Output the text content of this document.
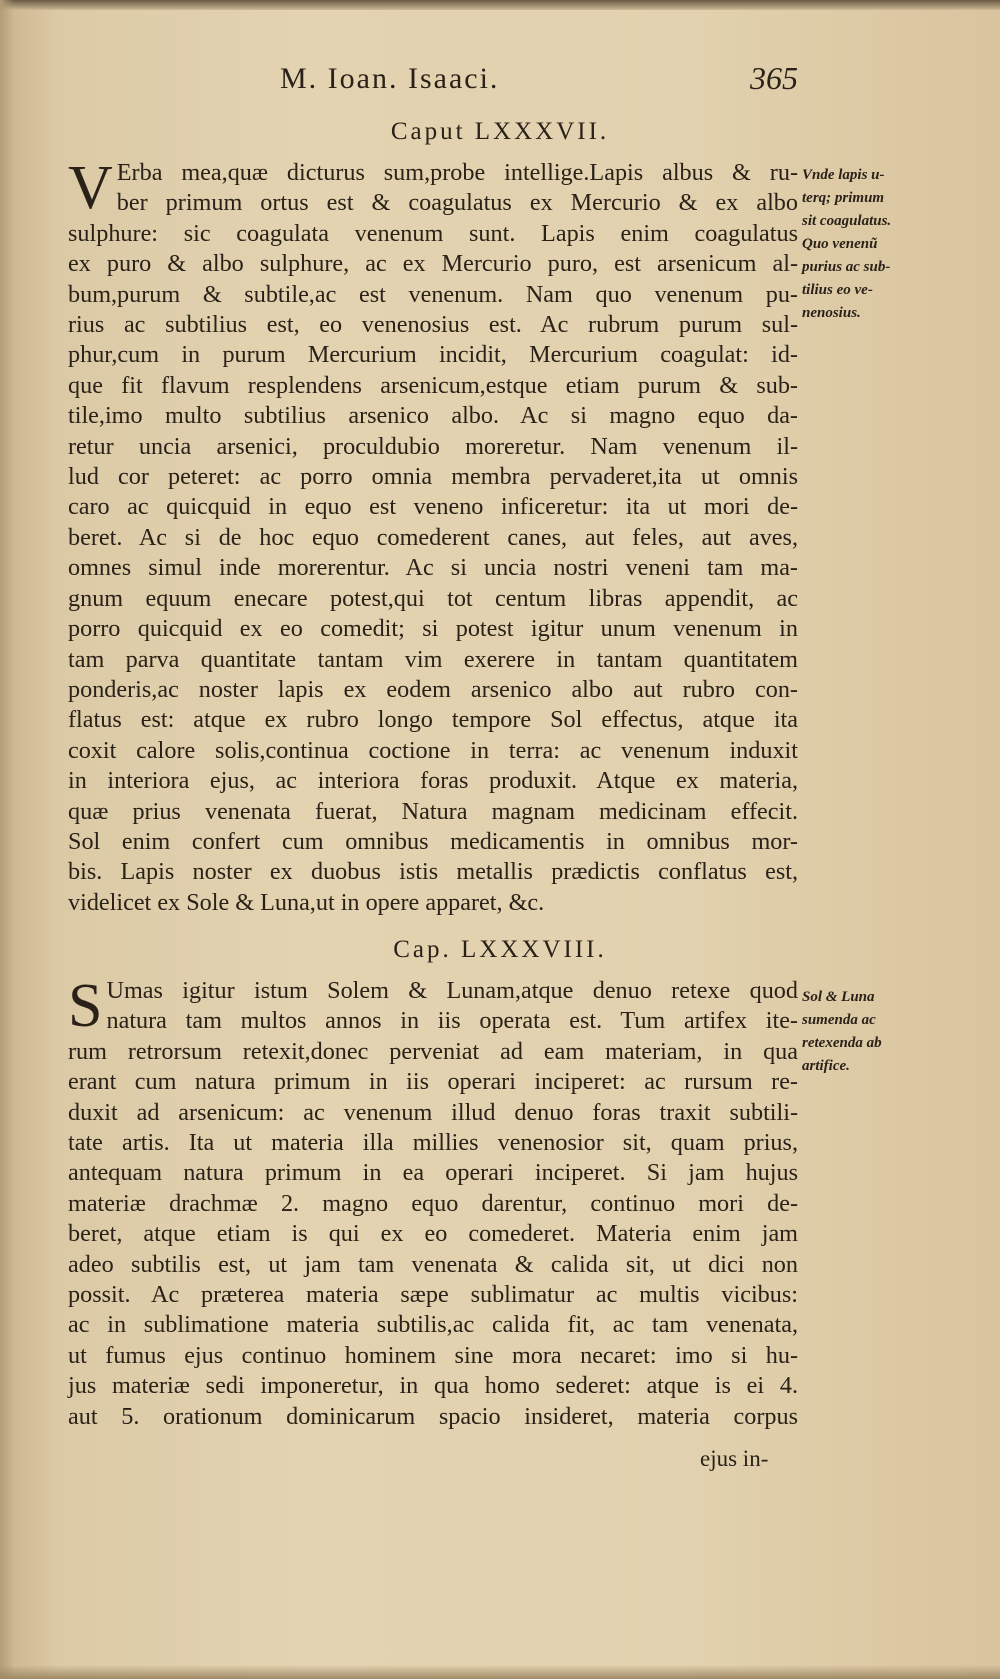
M. Ioan. Isaaci.	365
Caput LXXXVII.
V Erba mea,quæ dicturus sum,probe intellige.Lapis albus & ru-
ber primum ortus est & coagulatus ex Mercurio & ex albo
sulphure: sic coagulata venenum sunt. Lapis enim coagulatus
ex puro & albo sulphure, ac ex Mercurio puro, est arsenicum al-
bum,purum & subtile,ac est venenum. Nam quo venenum pu-
rius ac subtilius est, eo venenosius est. Ac rubrum purum sul-
phur,cum in purum Mercurium incidit, Mercurium coagulat: id-
que fit flavum resplendens arsenicum,estque etiam purum & sub-
tile,imo multo subtilius arsenico albo. Ac si magno equo da-
retur uncia arsenici, proculdubio moreretur. Nam venenum il-
lud cor peteret: ac porro omnia membra pervaderet,ita ut omnis
caro ac quicquid in equo est veneno inficeretur: ita ut mori de-
beret. Ac si de hoc equo comederent canes, aut feles, aut aves,
omnes simul inde morerentur. Ac si uncia nostri veneni tam ma-
gnum equum enecare potest,qui tot centum libras appendit, ac
porro quicquid ex eo comedit; si potest igitur unum venenum in
tam parva quantitate tantam vim exerere in tantam quantitatem
ponderis,ac noster lapis ex eodem arsenico albo aut rubro con-
flatus est: atque ex rubro longo tempore Sol effectus, atque ita
coxit calore solis,continua coctione in terra: ac venenum induxit
in interiora ejus, ac interiora foras produxit. Atque ex materia,
quæ prius venenata fuerat, Natura magnam medicinam effecit.
Sol enim confert cum omnibus medicamentis in omnibus mor-
bis. Lapis noster ex duobus istis metallis prædictis conflatus est,
videlicet ex Sole & Luna,ut in opere apparet, &c.
Vnde lapis u-
terq; primum
sit coagulatus.
Quo venenũ
purius ac sub-
tilius eo ve-
nenosius.
Cap. LXXXVIII.
S Umas igitur istum Solem & Lunam,atque denuo retexe quod
natura tam multos annos in iis operata est. Tum artifex ite-
rum retrorsum retexit,donec perveniat ad eam materiam, in qua
erant cum natura primum in iis operari inciperet: ac rursum re-
duxit ad arsenicum: ac venenum illud denuo foras traxit subtili-
tate artis. Ita ut materia illa millies venenosior sit, quam prius,
antequam natura primum in ea operari inciperet. Si jam hujus
materiæ drachmæ 2. magno equo darentur, continuo mori de-
beret, atque etiam is qui ex eo comederet. Materia enim jam
adeo subtilis est, ut jam tam venenata & calida sit, ut dici non
possit. Ac præterea materia sæpe sublimatur ac multis vicibus:
ac in sublimatione materia subtilis,ac calida fit, ac tam venenata,
ut fumus ejus continuo hominem sine mora necaret: imo si hu-
jus materiæ sedi imponeretur, in qua homo sederet: atque is ei 4.
aut 5. orationum dominicarum spacio insideret, materia corpus
Sol & Luna
sumenda ac
retexenda ab
artifice.
ejus in-
